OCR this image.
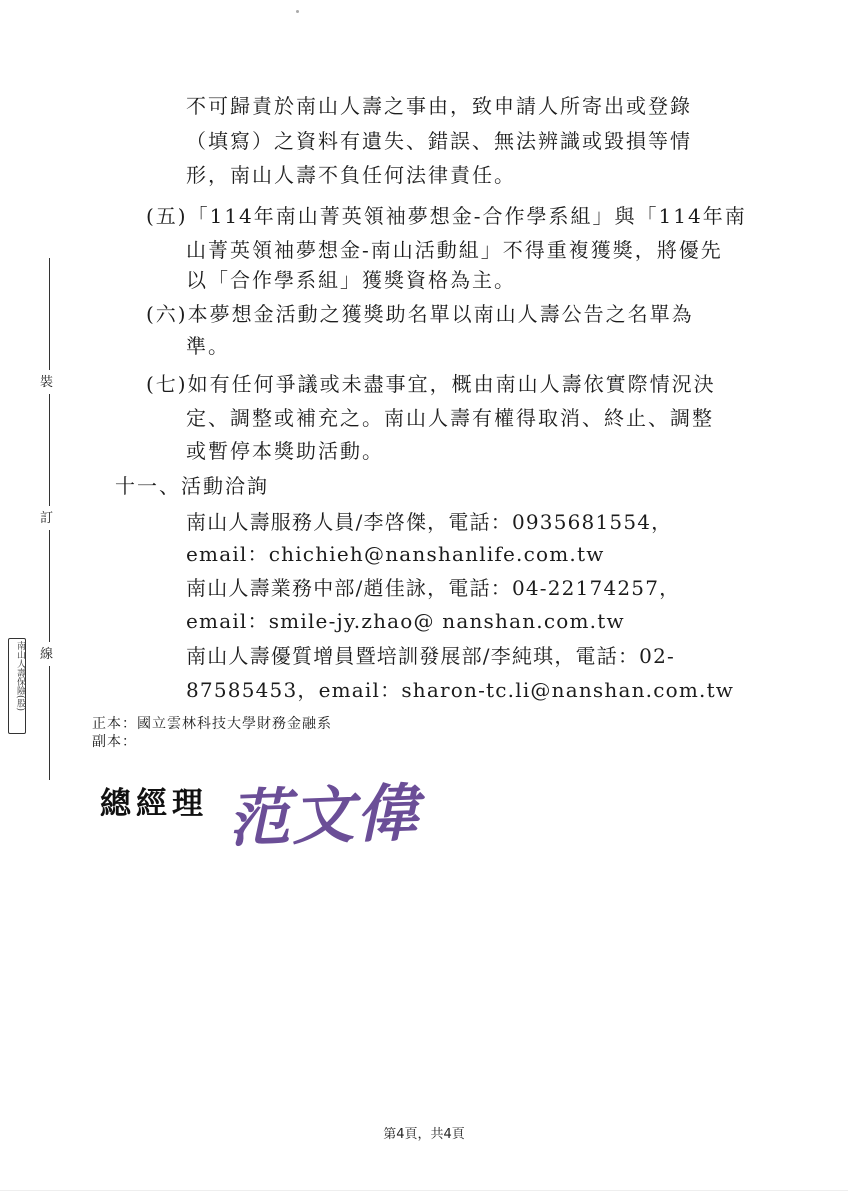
裝
訂
線
南山人壽保險(股)
不可歸責於南山人壽之事由，致申請人所寄出或登錄
（填寫）之資料有遺失、錯誤、無法辨識或毀損等情
形，南山人壽不負任何法律責任。
(五)「114年南山菁英領袖夢想金-合作學系組」與「114年南
山菁英領袖夢想金-南山活動組」不得重複獲獎，將優先
以「合作學系組」獲獎資格為主。
(六)本夢想金活動之獲獎助名單以南山人壽公告之名單為
準。
(七)如有任何爭議或未盡事宜，概由南山人壽依實際情況決
定、調整或補充之。南山人壽有權得取消、終止、調整
或暫停本獎助活動。
十一、活動洽詢
南山人壽服務人員/李啓傑，電話：0935681554，
email：chichieh@nanshanlife.com.tw
南山人壽業務中部/趙佳詠，電話：04-22174257，
email：smile-jy.zhao@ nanshan.com.tw
南山人壽優質增員暨培訓發展部/李純琪，電話：02-
87585453，email：sharon-tc.li@nanshan.com.tw
正本：國立雲林科技大學財務金融系
副本：
總經理 范文偉
第4頁，共4頁
